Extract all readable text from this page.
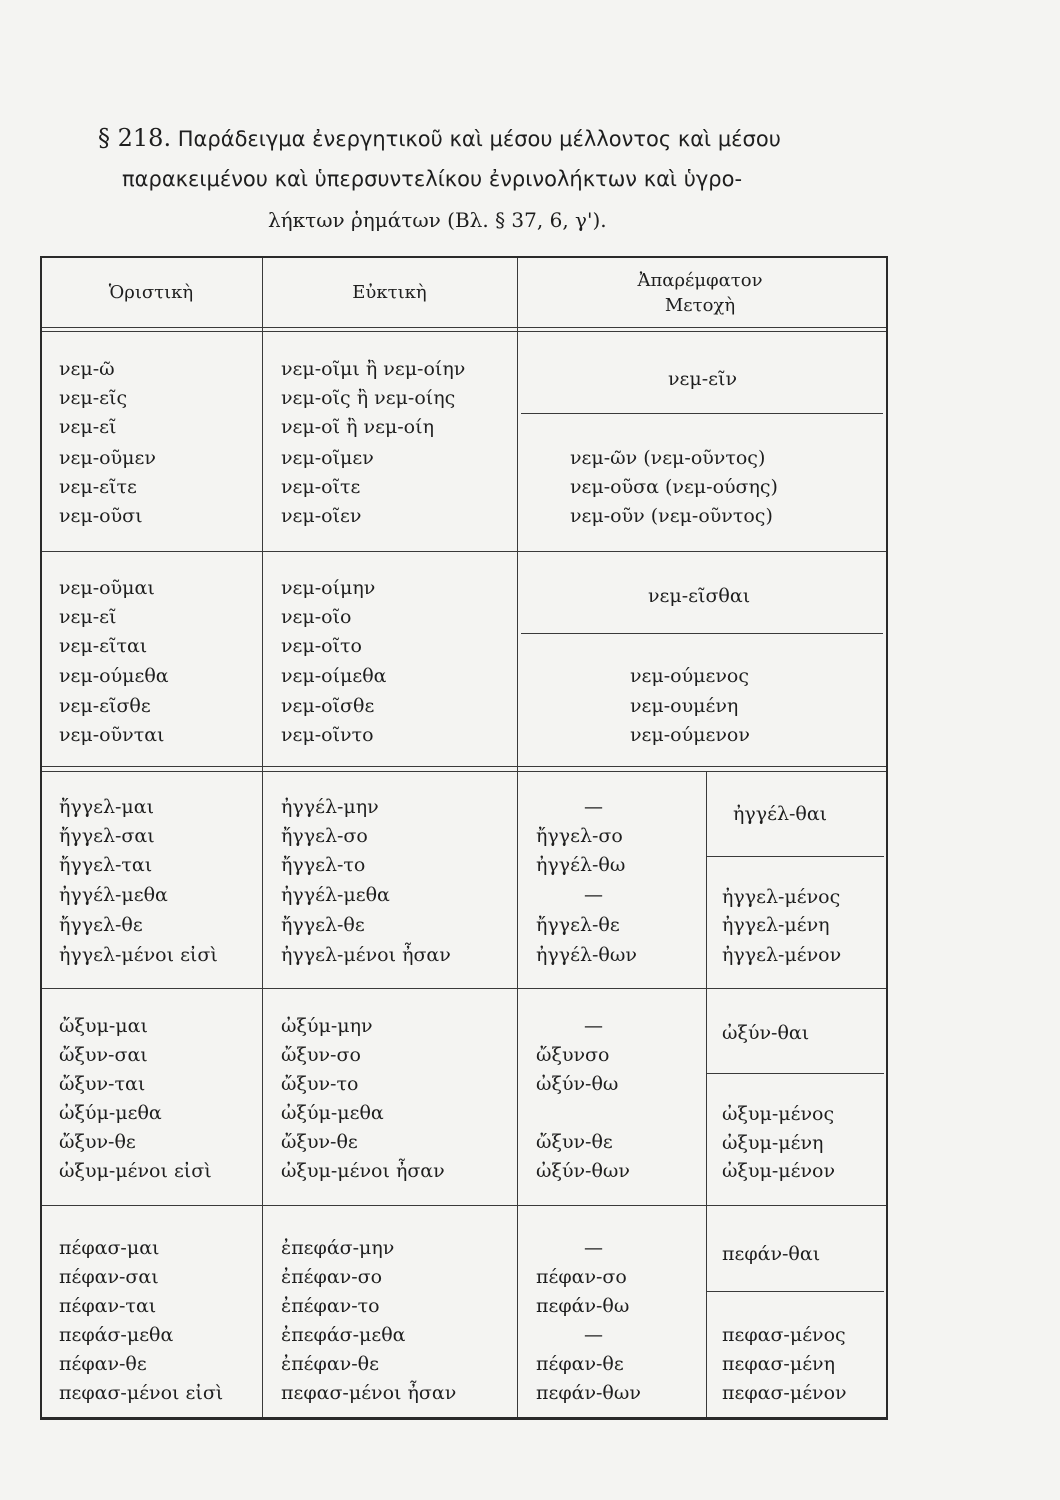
§ 218. Παράδειγμα ἐνεργητικοῦ καὶ μέσου μέλλοντος καὶ μέσου
παρακειμένου καὶ ὑπερσυντελίκου ἐνρινολήκτων καὶ ὑγρο-
λήκτων ῥημάτων (Βλ. § 37, 6, γ').
Ὁριστικὴ	Εὐκτικὴ
Ἀπαρέμφατον
Μετοχὴ
νεμ-ῶ
νεμ-εῖς
νεμ-εῖ
νεμ-οῦμεν
νεμ-εῖτε
νεμ-οῦσι
νεμ-οῖμι ἢ νεμ-οίην
νεμ-οῖς ἢ νεμ-οίης
νεμ-οῖ ἢ νεμ-οίη
νεμ-οῖμεν
νεμ-οῖτε
νεμ-οῖεν
νεμ-εῖν
νεμ-ῶν (νεμ-οῦντος)
νεμ-οῦσα (νεμ-ούσης)
νεμ-οῦν (νεμ-οῦντος)
νεμ-οῦμαι
νεμ-εῖ
νεμ-εῖται
νεμ-ούμεθα
νεμ-εῖσθε
νεμ-οῦνται
νεμ-οίμην
νεμ-οῖο
νεμ-οῖτο
νεμ-οίμεθα
νεμ-οῖσθε
νεμ-οῖντο
νεμ-εῖσθαι
νεμ-ούμενος
νεμ-ουμένη
νεμ-ούμενον
ἤγγελ-μαι
ἤγγελ-σαι
ἤγγελ-ται
ἠγγέλ-μεθα
ἤγγελ-θε
ἠγγελ-μένοι εἰσὶ
ἠγγέλ-μην
ἤγγελ-σο
ἤγγελ-το
ἠγγέλ-μεθα
ἤγγελ-θε
ἠγγελ-μένοι ἦσαν
—
ἤγγελ-σο
ἠγγέλ-θω
—
ἤγγελ-θε
ἠγγέλ-θων
ἠγγέλ-θαι
ἠγγελ-μένος
ἠγγελ-μένη
ἠγγελ-μένον
ὤξυμ-μαι
ὤξυν-σαι
ὤξυν-ται
ὠξύμ-μεθα
ὤξυν-θε
ὠξυμ-μένοι εἰσὶ
ὠξύμ-μην
ὤξυν-σο
ὤξυν-το
ὠξύμ-μεθα
ὤξυν-θε
ὠξυμ-μένοι ἦσαν
—
ὤξυνσο
ὠξύν-θω
ὤξυν-θε
ὠξύν-θων
ὠξύν-θαι
ὠξυμ-μένος
ὠξυμ-μένη
ὠξυμ-μένον
πέφασ-μαι
πέφαν-σαι
πέφαν-ται
πεφάσ-μεθα
πέφαν-θε
πεφασ-μένοι εἰσὶ
ἐπεφάσ-μην
ἐπέφαν-σο
ἐπέφαν-το
ἐπεφάσ-μεθα
ἐπέφαν-θε
πεφασ-μένοι ἦσαν
—
πέφαν-σο
πεφάν-θω
—
πέφαν-θε
πεφάν-θων
πεφάν-θαι
πεφασ-μένος
πεφασ-μένη
πεφασ-μένον
